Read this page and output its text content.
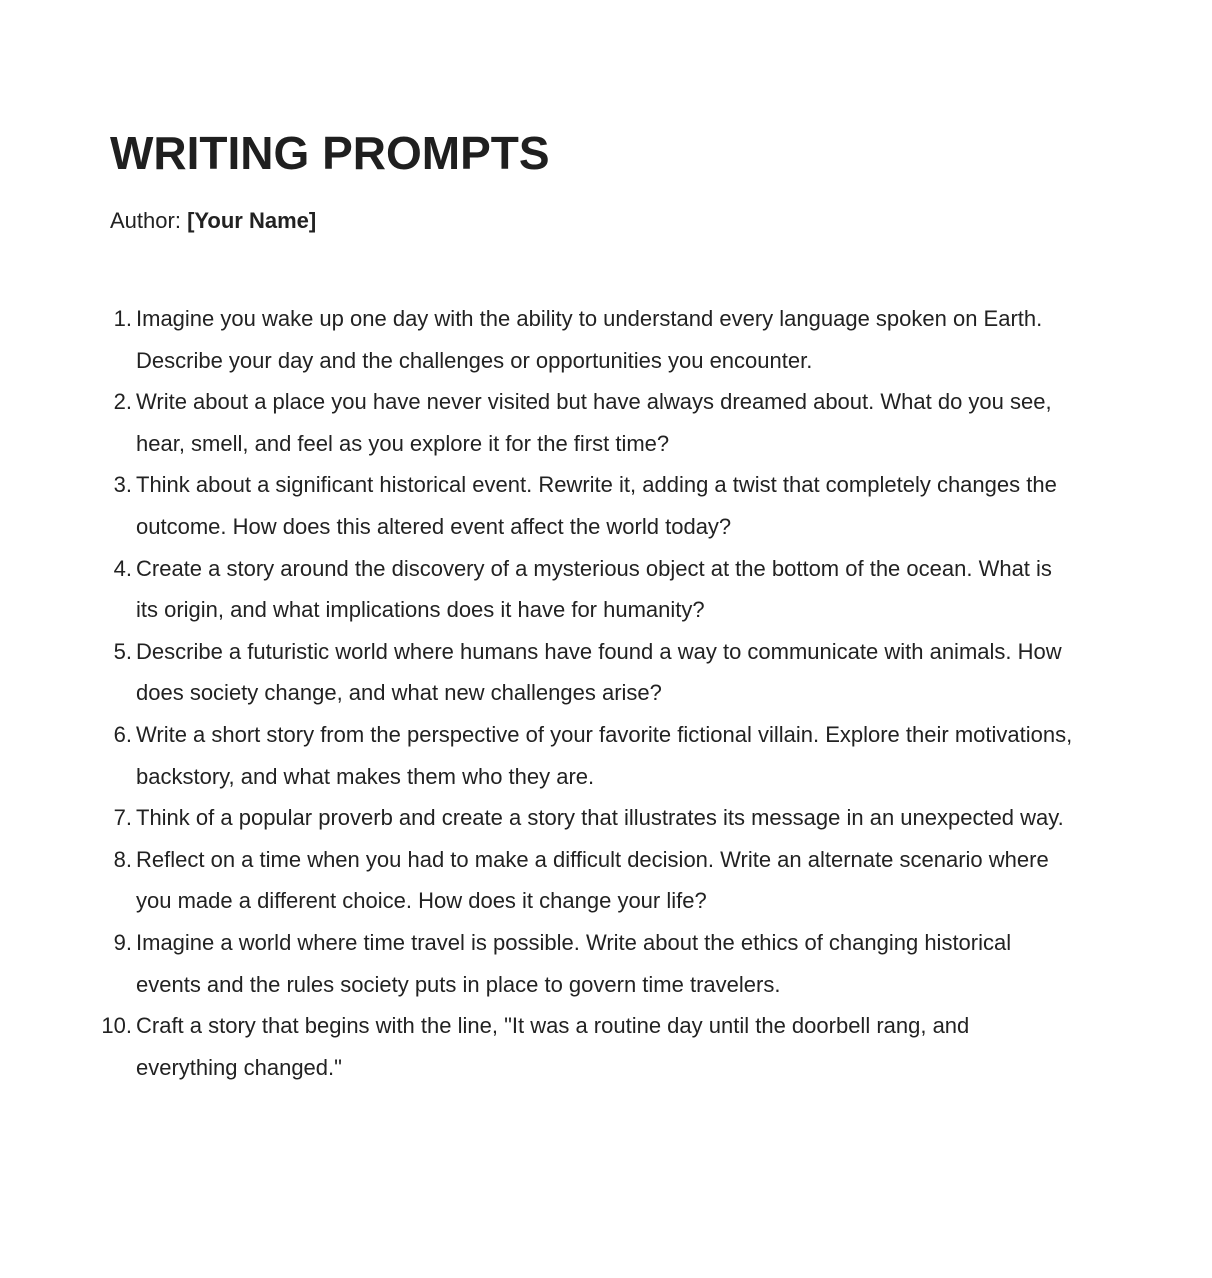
WRITING PROMPTS
Author: [Your Name]
1. Imagine you wake up one day with the ability to understand every language spoken on Earth. Describe your day and the challenges or opportunities you encounter.
2. Write about a place you have never visited but have always dreamed about. What do you see, hear, smell, and feel as you explore it for the first time?
3. Think about a significant historical event. Rewrite it, adding a twist that completely changes the outcome. How does this altered event affect the world today?
4. Create a story around the discovery of a mysterious object at the bottom of the ocean. What is its origin, and what implications does it have for humanity?
5. Describe a futuristic world where humans have found a way to communicate with animals. How does society change, and what new challenges arise?
6. Write a short story from the perspective of your favorite fictional villain. Explore their motivations, backstory, and what makes them who they are.
7. Think of a popular proverb and create a story that illustrates its message in an unexpected way.
8. Reflect on a time when you had to make a difficult decision. Write an alternate scenario where you made a different choice. How does it change your life?
9. Imagine a world where time travel is possible. Write about the ethics of changing historical events and the rules society puts in place to govern time travelers.
10. Craft a story that begins with the line, "It was a routine day until the doorbell rang, and everything changed."
